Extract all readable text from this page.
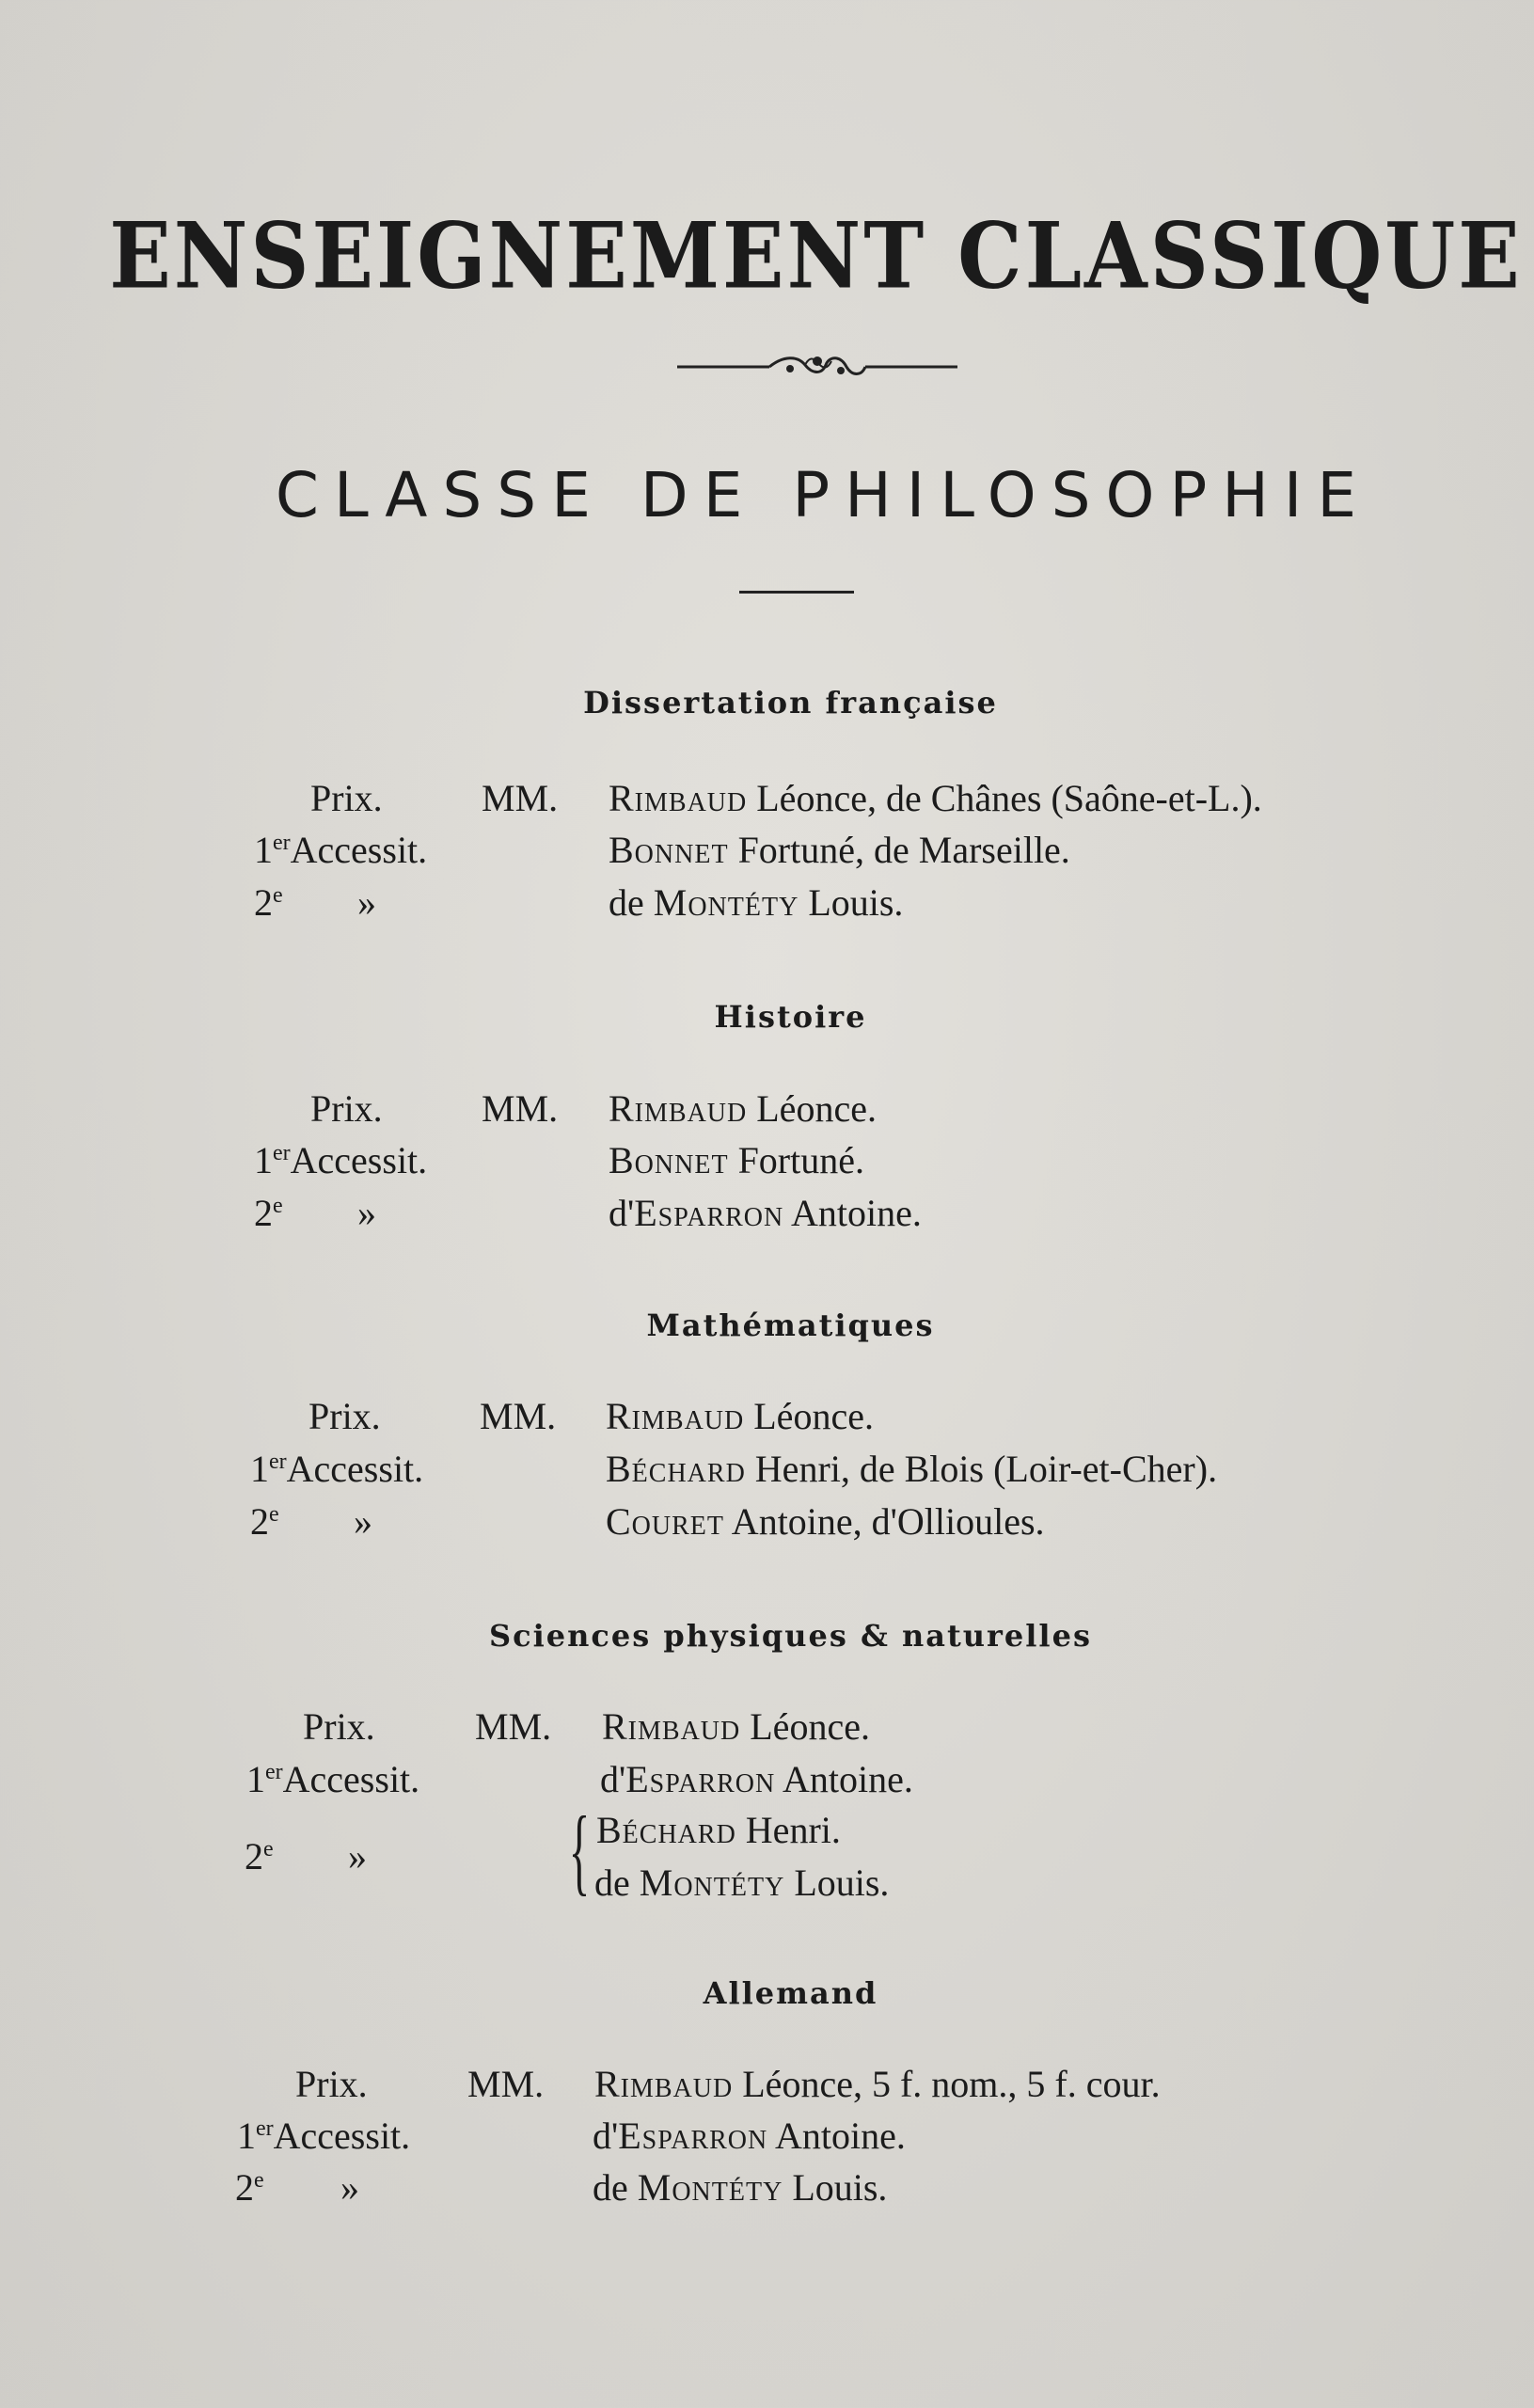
ENSEIGNEMENT CLASSIQUE
CLASSE DE PHILOSOPHIE
Dissertation française
Prix.	MM. Rimbaud Léonce, de Chânes (Saône-et-L.).
1erAccessit.	Bonnet Fortuné, de Marseille.
2e »	de Montéty Louis.
Histoire
Prix.	MM. Rimbaud Léonce.
1erAccessit.	Bonnet Fortuné.
2e »	d'Esparron Antoine.
Mathématiques
Prix.	MM. Rimbaud Léonce.
1erAccessit.	Béchard Henri, de Blois (Loir-et-Cher).
2e »	Couret Antoine, d'Ollioules.
Sciences physiques & naturelles
Prix.	MM. Rimbaud Léonce.
1erAccessit.	d'Esparron Antoine.
2e » { Béchard Henri.
de Montéty Louis.
Allemand
Prix.	MM. Rimbaud Léonce, 5 f. nom., 5 f. cour.
1erAccessit.	d'Esparron Antoine.
2e »	de Montéty Louis.
